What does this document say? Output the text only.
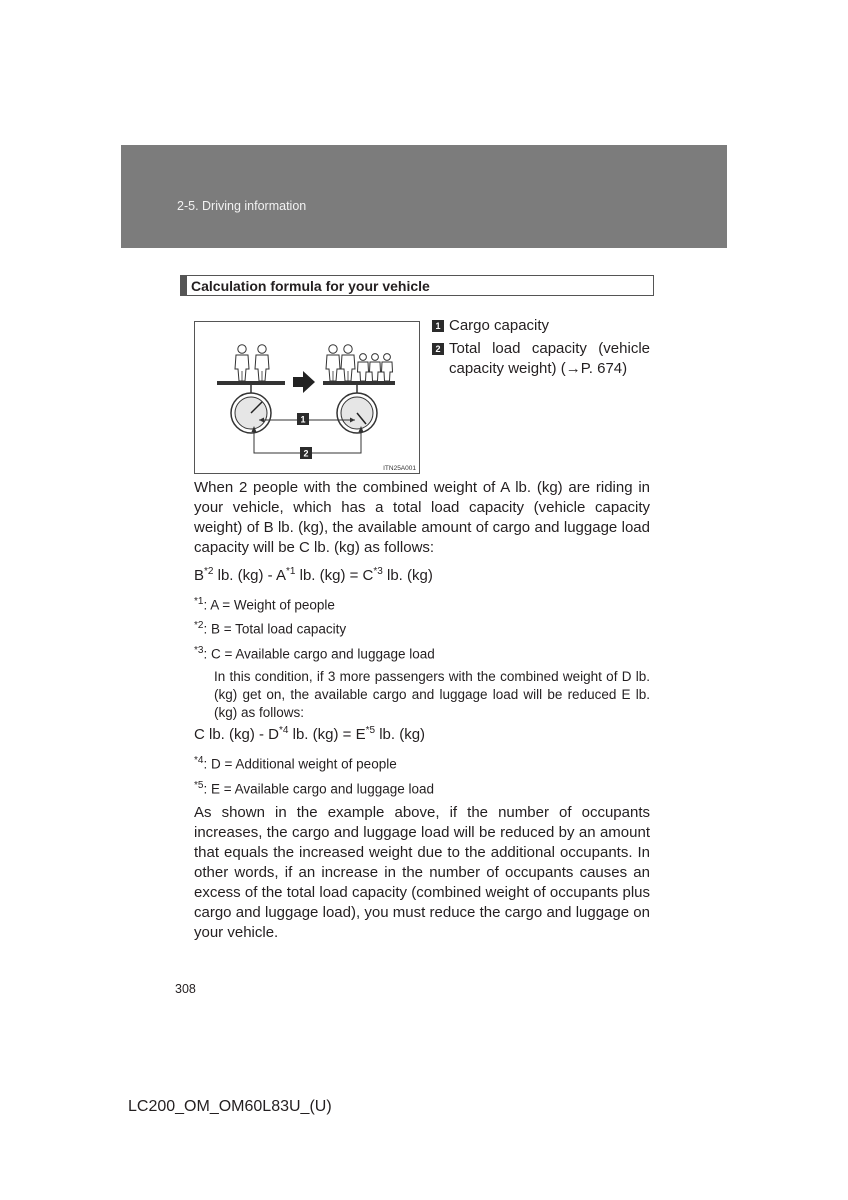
2-5. Driving information
Calculation formula for your vehicle
1
2
ITN25A001
1 Cargo capacity
2 Total load capacity (vehicle capacity weight) (→P. 674)
When 2 people with the combined weight of A lb. (kg) are riding in your vehicle, which has a total load capacity (vehicle capacity weight) of B lb. (kg), the available amount of cargo and luggage load capacity will be C lb. (kg) as follows:
$B^{*2}$ lb. $(kg) - A^{*1}$ lb. $(kg) = C^{*3}$ lb. (kg)
$^{*1}$: A = Weight of people
$^{*2}$: B = Total load capacity
$^{*3}$: C = Available cargo and luggage load
In this condition, if 3 more passengers with the combined weight of D lb. (kg) get on, the available cargo and luggage load will be reduced E lb. (kg) as follows:
C lb. $(kg) - D^{*4}$ lb. $(kg) = E^{*5}$ lb. (kg)
$^{*4}$: D = Additional weight of people
$^{*5}$: E = Available cargo and luggage load
As shown in the example above, if the number of occupants increases, the cargo and luggage load will be reduced by an amount that equals the increased weight due to the additional occupants. In other words, if an increase in the number of occupants causes an excess of the total load capacity (combined weight of occupants plus cargo and luggage load), you must reduce the cargo and luggage on your vehicle.
308
LC200_OM_OM60L83U_(U)
